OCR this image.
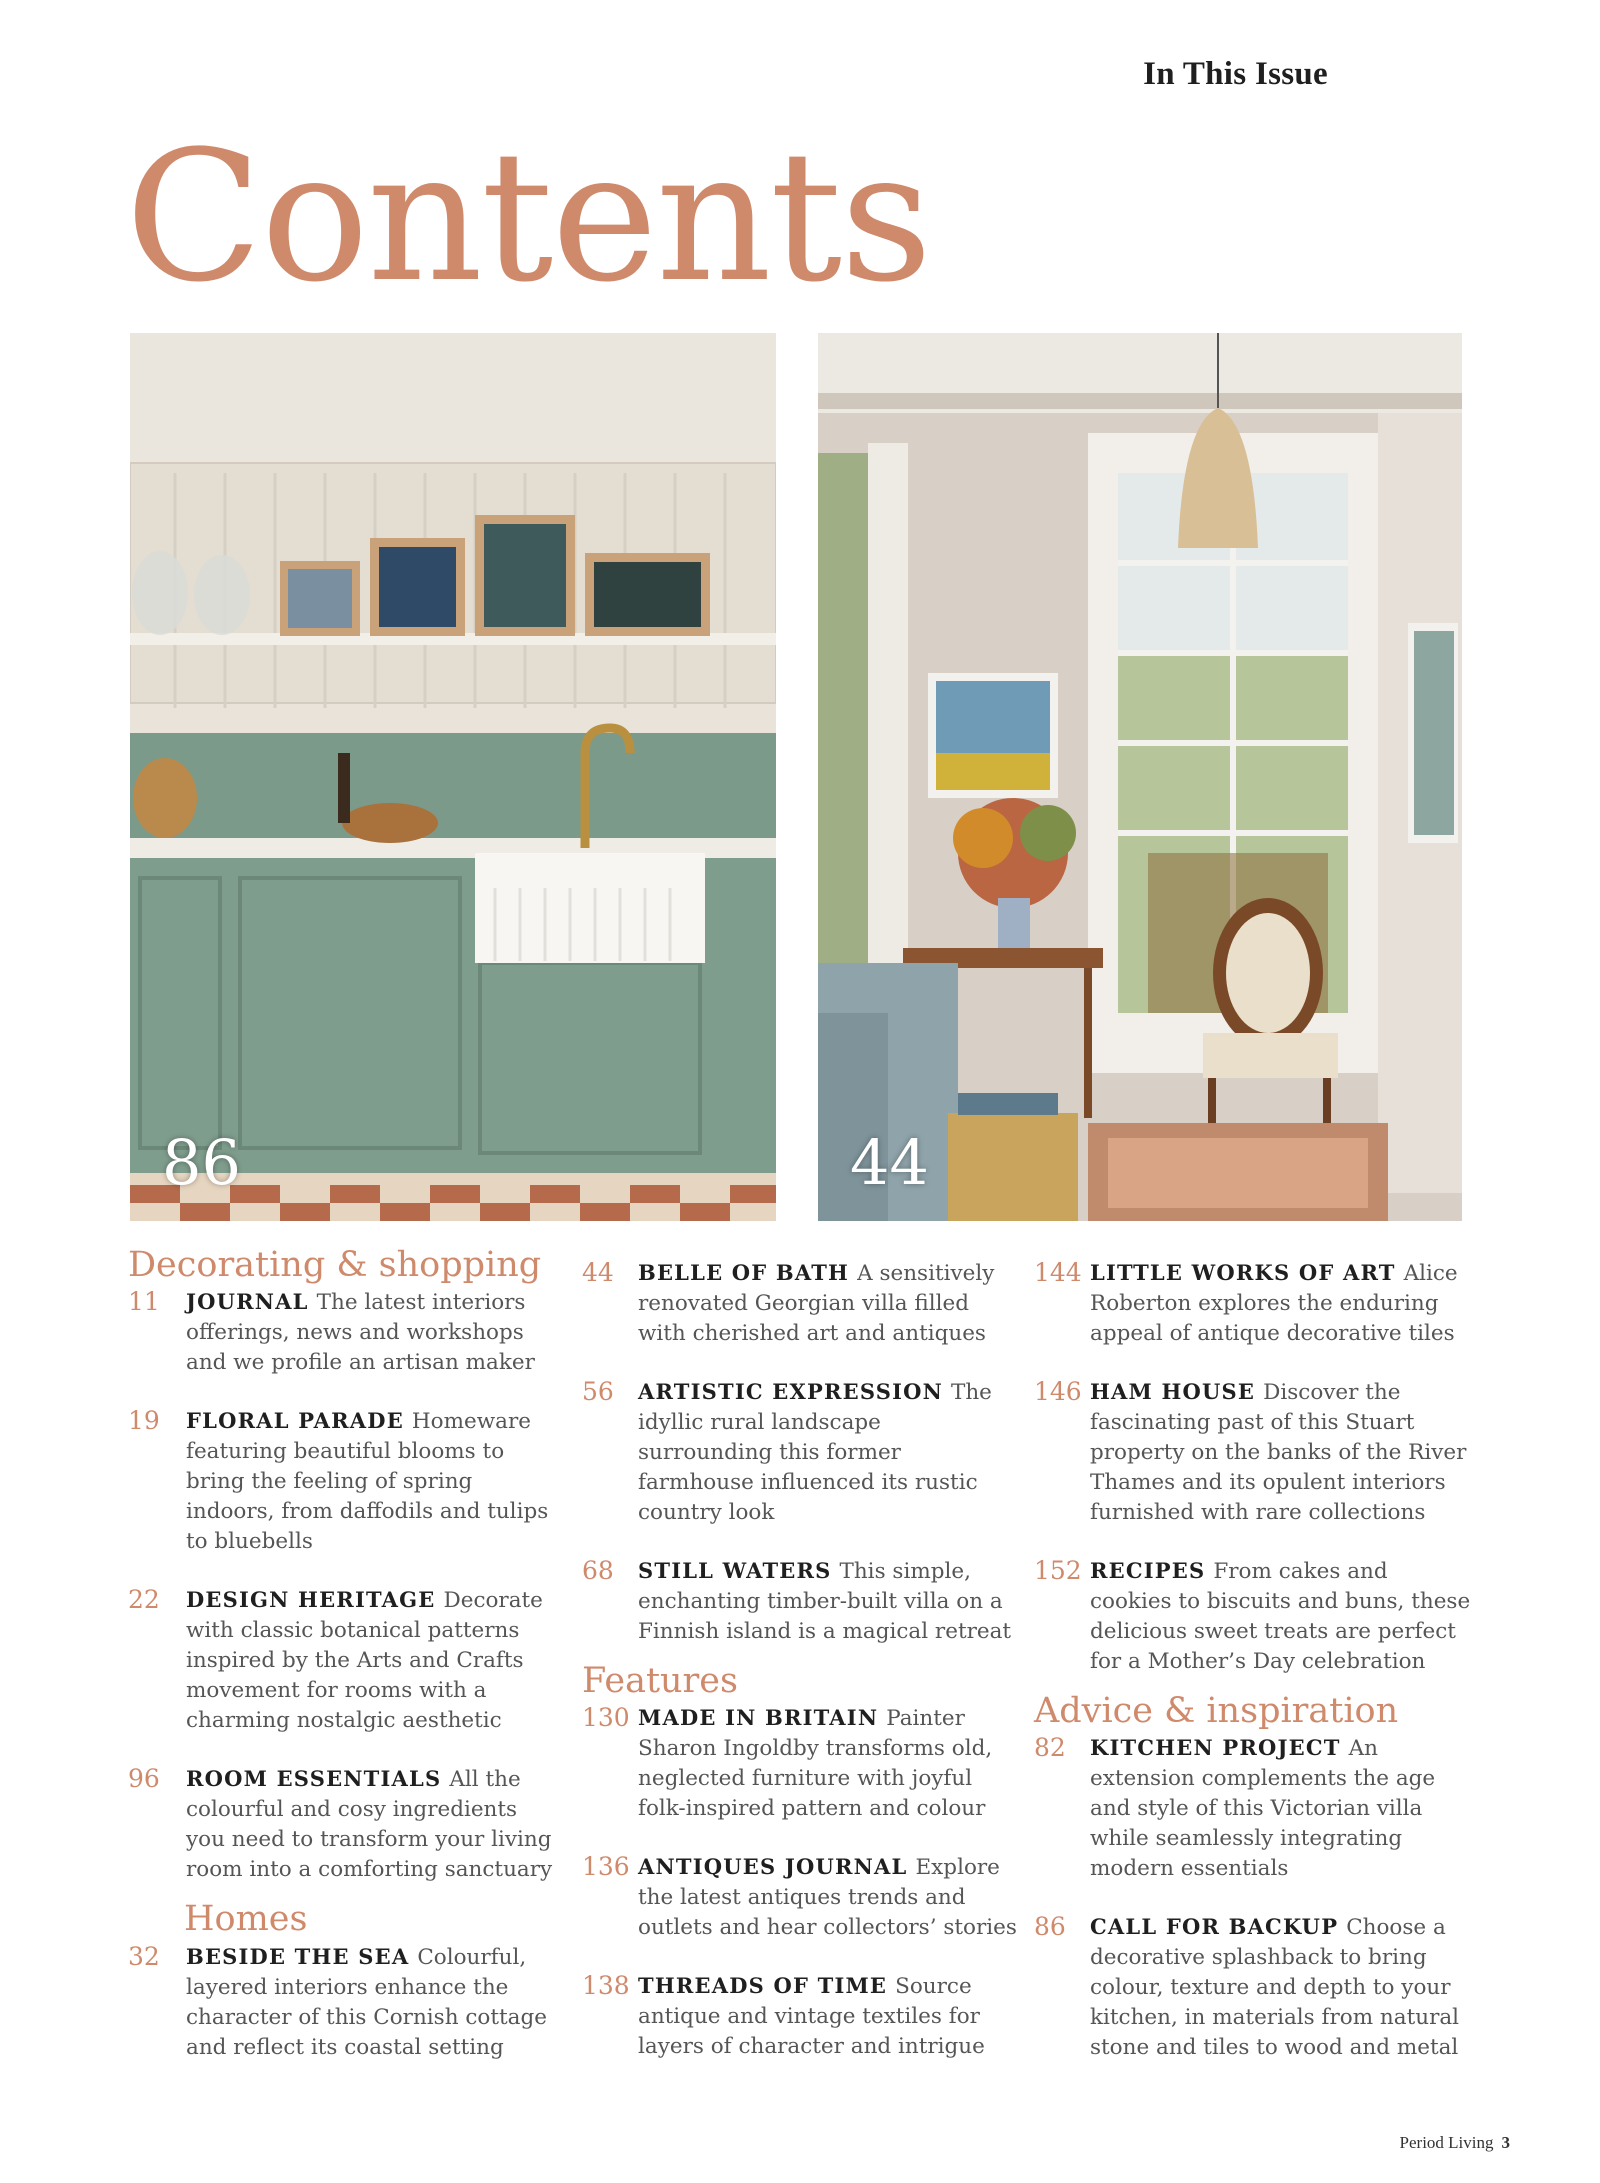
In This Issue
Contents
86	44
Decorating & shopping
11	JOURNAL The latest interiors offerings, news and workshops and we profile an artisan maker
19	FLORAL PARADE Homeware featuring beautiful blooms to bring the feeling of spring indoors, from daffodils and tulips to bluebells
22	DESIGN HERITAGE Decorate with classic botanical patterns inspired by the Arts and Crafts movement for rooms with a charming nostalgic aesthetic
96	ROOM ESSENTIALS All the colourful and cosy ingredients you need to transform your living room into a comforting sanctuary
Homes
32	BESIDE THE SEA Colourful, layered interiors enhance the character of this Cornish cottage and reflect its coastal setting
44	BELLE OF BATH A sensitively renovated Georgian villa filled with cherished art and antiques
56	ARTISTIC EXPRESSION The idyllic rural landscape surrounding this former farmhouse influenced its rustic country look
68	STILL WATERS This simple, enchanting timber-built villa on a Finnish island is a magical retreat
Features
130 MADE IN BRITAIN Painter Sharon Ingoldby transforms old, neglected furniture with joyful folk-inspired pattern and colour
136 ANTIQUES JOURNAL Explore the latest antiques trends and outlets and hear collectors’ stories
138 THREADS OF TIME Source antique and vintage textiles for layers of character and intrigue
144 LITTLE WORKS OF ART Alice Roberton explores the enduring appeal of antique decorative tiles
146 HAM HOUSE Discover the fascinating past of this Stuart property on the banks of the River Thames and its opulent interiors furnished with rare collections
152 RECIPES From cakes and cookies to biscuits and buns, these delicious sweet treats are perfect for a Mother’s Day celebration
Advice & inspiration
82	KITCHEN PROJECT An extension complements the age and style of this Victorian villa while seamlessly integrating modern essentials
86	CALL FOR BACKUP Choose a decorative splashback to bring colour, texture and depth to your kitchen, in materials from natural stone and tiles to wood and metal
Period Living 3
